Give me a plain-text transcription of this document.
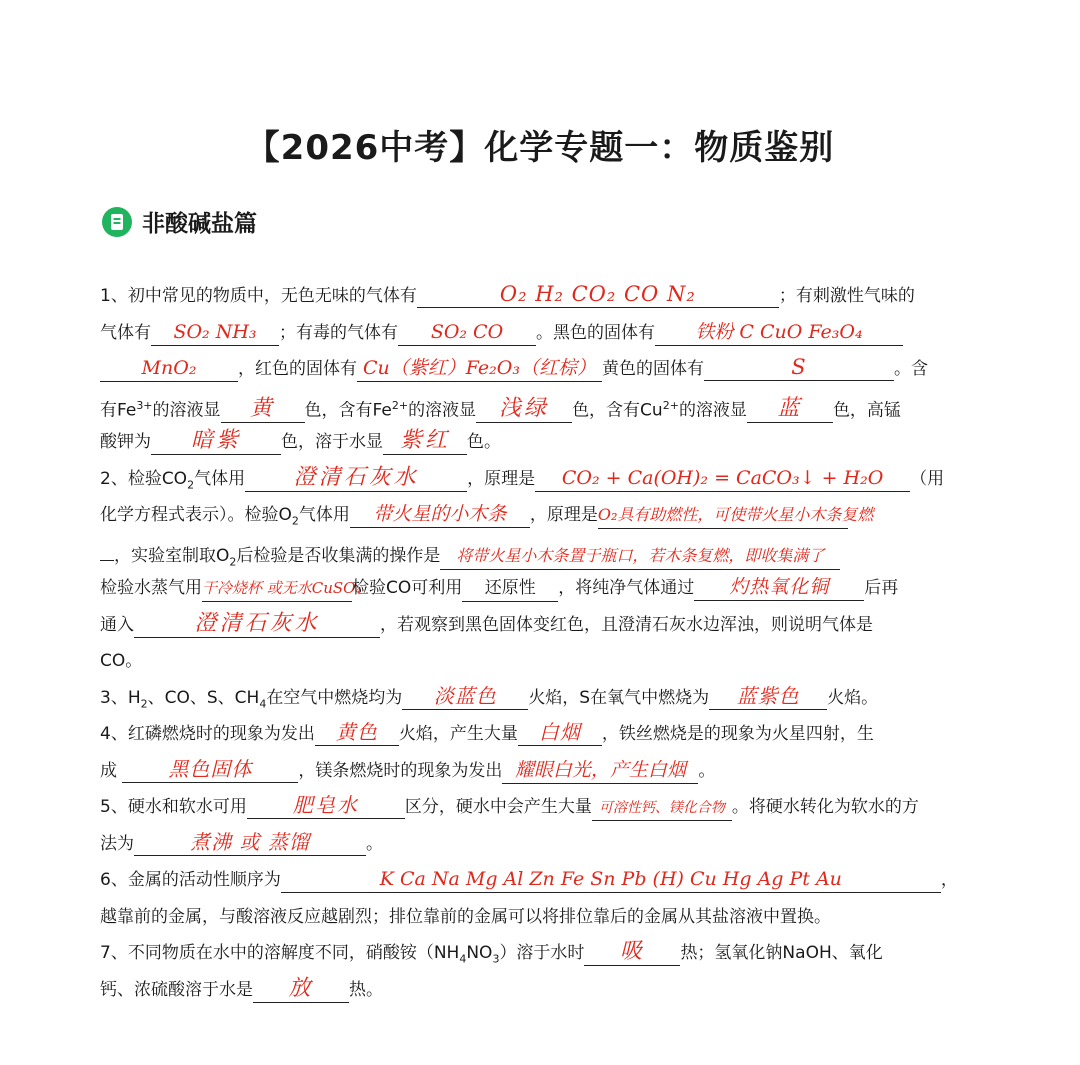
【2026中考】化学专题一：物质鉴别
非酸碱盐篇
1、初中常见的物质中，无色无味的气体有	O₂ H₂ CO₂ CO N₂	；有刺激性气味的
气体有 SO₂ NH₃ ；有毒的气体有 SO₂ CO 。黑色的固体有 铁粉 C CuO Fe₃O₄
MnO₂ ，红色的固体有 Cu（紫红）Fe₂O₃（红棕） 黄色的固体有	S	。含
有$Fe^{3+}$的溶液显 黄 色，含有$Fe^{2+}$的溶液显 浅绿 色，含有$Cu^{2+}$的溶液显 蓝 色，高锰
酸钾为 暗紫 色，溶于水显 紫红 色。
2、检验$CO_2$气体用 澄清石灰水	，原理是 CO₂ + Ca(OH)₂ = CaCO₃↓ + H₂O （用
化学方程式表示）。检验$O_2$气体用 带火星的小木条 ，原理是O₂具有助燃性，可使带火星小木条复燃
，实验室制取$O_2$后检验是否收集满的操作是 将带火星小木条置于瓶口，若木条复燃，即收集满了
检验水蒸气用干冷烧杯 或无水CuSO₄检验CO可利用 还原性 ，将纯净气体通过 灼热氧化铜 后再
通入	澄清石灰水	，若观察到黑色固体变红色，且澄清石灰水边浑浊，则说明气体是
CO。
3、$H_2$、CO、S、$CH_4$在空气中燃烧均为 淡蓝色 火焰，S在氧气中燃烧为 蓝紫色 火焰。
4、红磷燃烧时的现象为发出 黄色 火焰，产生大量 白烟 ，铁丝燃烧是的现象为火星四射，生
成	黑色固体	，镁条燃烧时的现象为发出 耀眼白光，产生白烟 。
5、硬水和软水可用 肥皂水	区分，硬水中会产生大量 可溶性钙、镁化合物 。将硬水转化为软水的方
法为	煮沸 或 蒸馏	。
6、金属的活动性顺序为	K Ca Na Mg Al Zn Fe Sn Pb (H) Cu Hg Ag Pt Au	，
越靠前的金属，与酸溶液反应越剧烈；排位靠前的金属可以将排位靠后的金属从其盐溶液中置换。
7、不同物质在水中的溶解度不同，硝酸铵$(NH_4NO_3)$溶于水时 吸 热；氢氧化钠NaOH、氧化
钙、浓硫酸溶于水是 放 热。
